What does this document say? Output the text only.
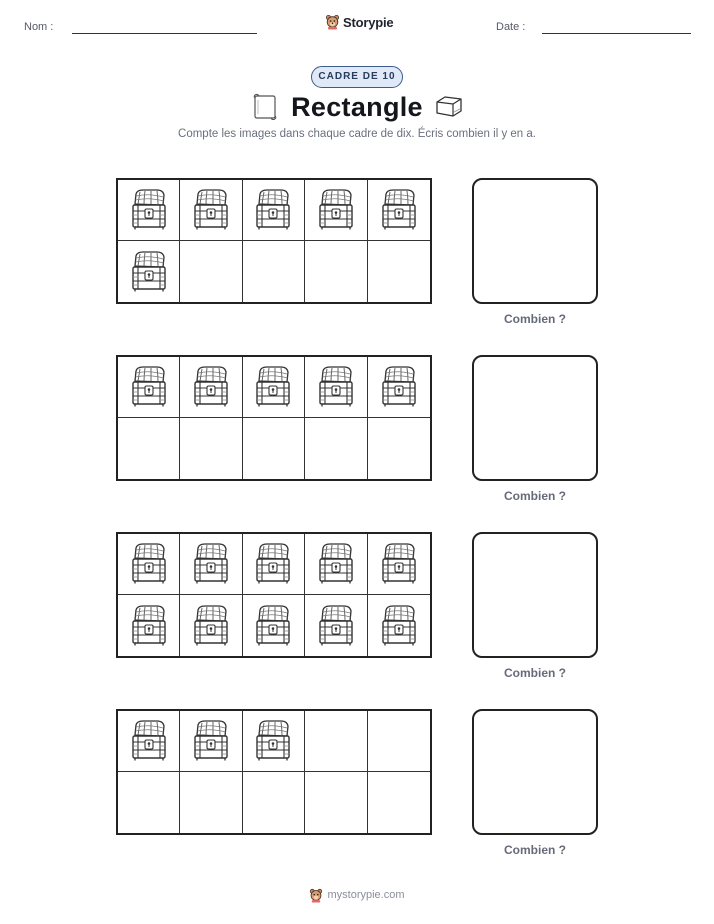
Nom :	Storypie	Date :
CADRE DE 10
Rectangle
Compte les images dans chaque cadre de dix. Écris combien il y en a.
Combien ?
Combien ?
Combien ?
Combien ?
mystorypie.com
